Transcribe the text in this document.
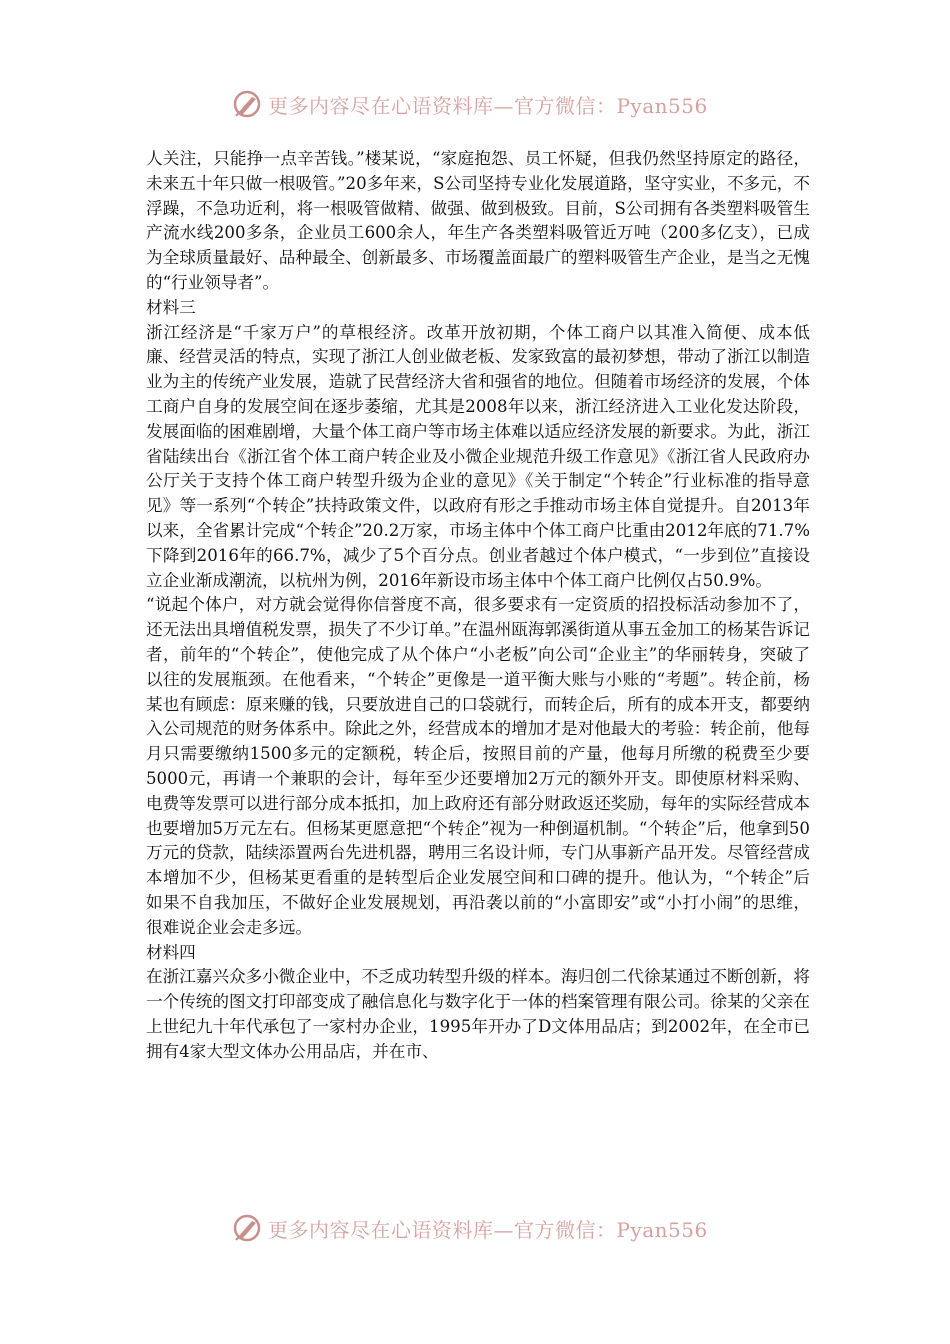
更多内容尽在心语资料库—官方微信：Pyan556

人关注，只能挣一点辛苦钱。”楼某说，“家庭抱怨、员工怀疑，但我仍然坚持原定的路径，未来五十年只做一根吸管。”20多年来，S公司坚持专业化发展道路，坚守实业，不多元，不浮躁，不急功近利，将一根吸管做精、做强、做到极致。目前，S公司拥有各类塑料吸管生产流水线200多条，企业员工600余人，年生产各类塑料吸管近万吨（200多亿支），已成为全球质量最好、品种最全、创新最多、市场覆盖面最广的塑料吸管生产企业，是当之无愧的“行业领导者”。

材料三

浙江经济是“千家万户”的草根经济。改革开放初期，个体工商户以其准入简便、成本低廉、经营灵活的特点，实现了浙江人创业做老板、发家致富的最初梦想，带动了浙江以制造业为主的传统产业发展，造就了民营经济大省和强省的地位。但随着市场经济的发展，个体工商户自身的发展空间在逐步萎缩，尤其是2008年以来，浙江经济进入工业化发达阶段，发展面临的困难剧增，大量个体工商户等市场主体难以适应经济发展的新要求。为此，浙江省陆续出台《浙江省个体工商户转企业及小微企业规范升级工作意见》《浙江省人民政府办公厅关于支持个体工商户转型升级为企业的意见》《关于制定“个转企”行业标准的指导意见》等一系列“个转企”扶持政策文件，以政府有形之手推动市场主体自觉提升。自2013年以来，全省累计完成“个转企”20.2万家，市场主体中个体工商户比重由2012年底的71.7%下降到2016年的66.7%，减少了5个百分点。创业者越过个体户模式，“一步到位”直接设立企业渐成潮流，以杭州为例，2016年新设市场主体中个体工商户比例仅占50.9%。

“说起个体户，对方就会觉得你信誉度不高，很多要求有一定资质的招投标活动参加不了，还无法出具增值税发票，损失了不少订单。”在温州瓯海郭溪街道从事五金加工的杨某告诉记者，前年的“个转企”，使他完成了从个体户“小老板”向公司“企业主”的华丽转身，突破了以往的发展瓶颈。在他看来，“个转企”更像是一道平衡大账与小账的“考题”。转企前，杨某也有顾虑：原来赚的钱，只要放进自己的口袋就行，而转企后，所有的成本开支，都要纳入公司规范的财务体系中。除此之外，经营成本的增加才是对他最大的考验：转企前，他每月只需要缴纳1500多元的定额税，转企后，按照目前的产量，他每月所缴的税费至少要5000元，再请一个兼职的会计，每年至少还要增加2万元的额外开支。即使原材料采购、电费等发票可以进行部分成本抵扣，加上政府还有部分财政返还奖励，每年的实际经营成本也要增加5万元左右。但杨某更愿意把“个转企”视为一种倒逼机制。“个转企”后，他拿到50万元的贷款，陆续添置两台先进机器，聘用三名设计师，专门从事新产品开发。尽管经营成本增加不少，但杨某更看重的是转型后企业发展空间和口碑的提升。他认为，“个转企”后如果不自我加压，不做好企业发展规划，再沿袭以前的“小富即安”或“小打小闹”的思维，很难说企业会走多远。

材料四

在浙江嘉兴众多小微企业中，不乏成功转型升级的样本。海归创二代徐某通过不断创新，将一个传统的图文打印部变成了融信息化与数字化于一体的档案管理有限公司。徐某的父亲在上世纪九十年代承包了一家村办企业，1995年开办了D文体用品店；到2002年，在全市已拥有4家大型文体办公用品店，并在市、

更多内容尽在心语资料库—官方微信：Pyan556
